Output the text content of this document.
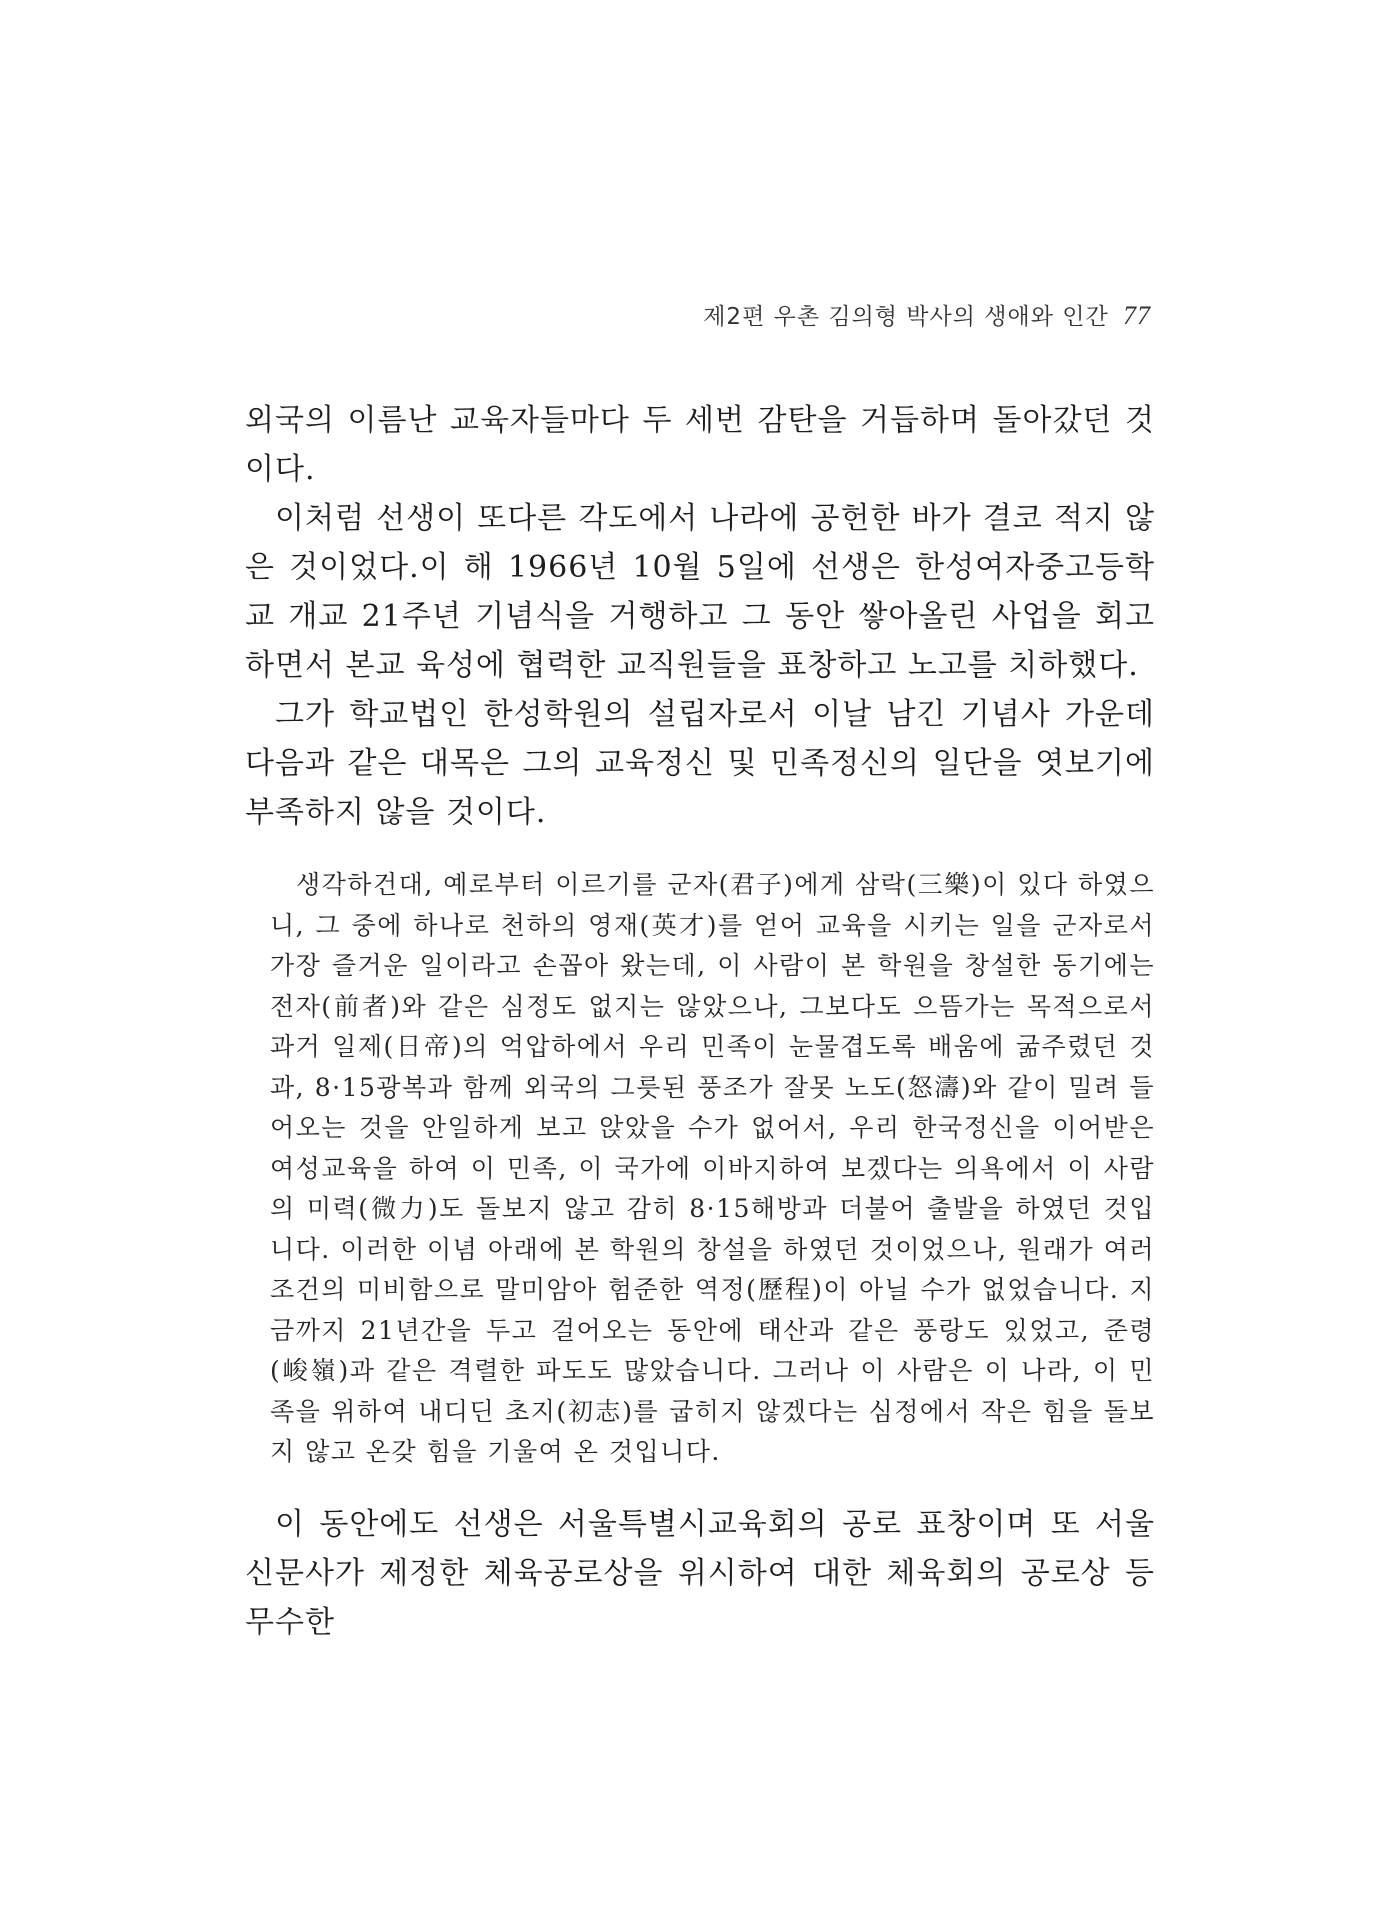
제2편 우촌 김의형 박사의 생애와 인간 77

외국의 이름난 교육자들마다 두 세번 감탄을 거듭하며 돌아갔던 것이다.

이처럼 선생이 또다른 각도에서 나라에 공헌한 바가 결코 적지 않은 것이었다.이 해 1966년 10월 5일에 선생은 한성여자중고등학교 개교 21주년 기념식을 거행하고 그 동안 쌓아올린 사업을 회고하면서 본교 육성에 협력한 교직원들을 표창하고 노고를 치하했다.

그가 학교법인 한성학원의 설립자로서 이날 남긴 기념사 가운데 다음과 같은 대목은 그의 교육정신 및 민족정신의 일단을 엿보기에 부족하지 않을 것이다.

생각하건대, 예로부터 이르기를 군자(君子)에게 삼락(三樂)이 있다 하였으니, 그 중에 하나로 천하의 영재(英才)를 얻어 교육을 시키는 일을 군자로서 가장 즐거운 일이라고 손꼽아 왔는데, 이 사람이 본 학원을 창설한 동기에는 전자(前者)와 같은 심정도 없지는 않았으나, 그보다도 으뜸가는 목적으로서 과거 일제(日帝)의 억압하에서 우리 민족이 눈물겹도록 배움에 굶주렸던 것과, 8·15광복과 함께 외국의 그릇된 풍조가 잘못 노도(怒濤)와 같이 밀려 들어오는 것을 안일하게 보고 앉았을 수가 없어서, 우리 한국정신을 이어받은 여성교육을 하여 이 민족, 이 국가에 이바지하여 보겠다는 의욕에서 이 사람의 미력(微力)도 돌보지 않고 감히 8·15해방과 더불어 출발을 하였던 것입니다. 이러한 이념 아래에 본 학원의 창설을 하였던 것이었으나, 원래가 여러 조건의 미비함으로 말미암아 험준한 역정(歷程)이 아닐 수가 없었습니다. 지금까지 21년간을 두고 걸어오는 동안에 태산과 같은 풍랑도 있었고, 준령(峻嶺)과 같은 격렬한 파도도 많았습니다. 그러나 이 사람은 이 나라, 이 민족을 위하여 내디딘 초지(初志)를 굽히지 않겠다는 심정에서 작은 힘을 돌보지 않고 온갖 힘을 기울여 온 것입니다.

이 동안에도 선생은 서울특별시교육회의 공로 표창이며 또 서울신문사가 제정한 체육공로상을 위시하여 대한 체육회의 공로상 등 무수한
